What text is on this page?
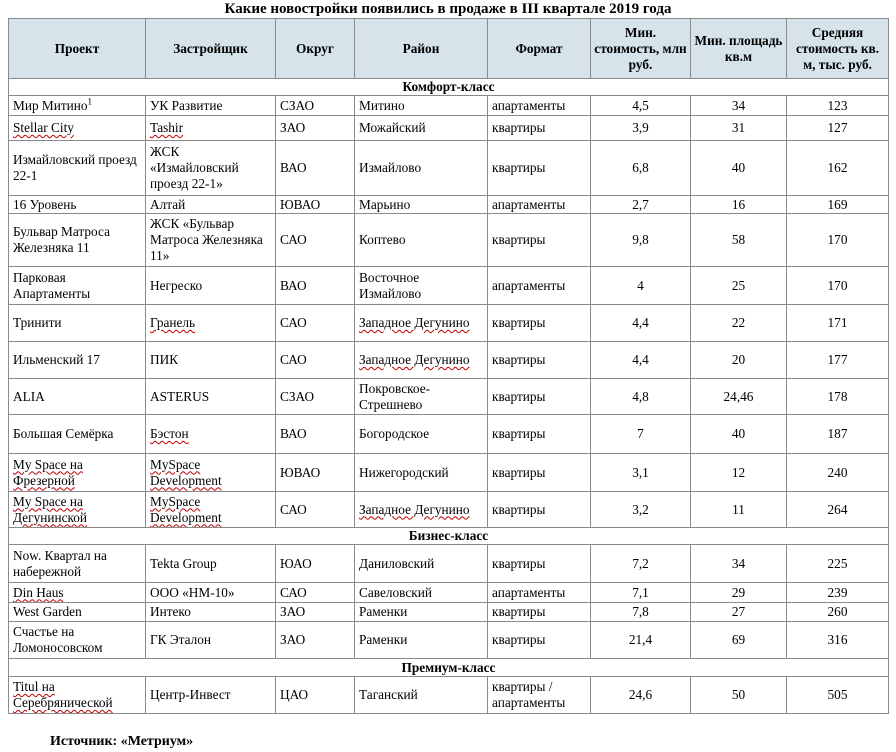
Какие новостройки появились в продаже в III квартале 2019 года
Проект	Застройщик	Округ	Район	Формат	Мин. стоимость, млн руб.	Мин. площадь кв.м	Средняя стоимость кв. м, тыс. руб.
Комфорт-класс							
Мир Митино$^1$	УК Развитие	СЗАО	Митино	апартаменты	4,5	34	123
Stellar City	Tashir	ЗАО	Можайский	квартиры	3,9	31	127
Измайловский проезд 22-1	ЖСК «Измайловский проезд 22-1»	ВАО	Измайлово	квартиры	6,8	40	162
16 Уровень	Алтай	ЮВАО	Марьино	апартаменты	2,7	16	169
Бульвар Матроса Железняка 11	ЖСК «Бульвар Матроса Железняка 11»	САО	Коптево	квартиры	9,8	58	170
Парковая Апартаменты	Негреско	ВАО	Восточное Измайлово	апартаменты	4	25	170
Тринити	Гранель	САО	Западное Дегунино	квартиры	4,4	22	171
Ильменский 17	ПИК	САО	Западное Дегунино	квартиры	4,4	20	177
ALIA	ASTERUS	СЗАО	Покровское-Стрешнево	квартиры	4,8	24,46	178
Большая Семёрка	Бэстон	ВАО	Богородское	квартиры	7	40	187
My Space на Фрезерной	MySpace Development	ЮВАО	Нижегородский	квартиры	3,1	12	240
My Space на Дегунинской	MySpace Development	САО	Западное Дегунино	квартиры	3,2	11	264
Бизнес-класс							
Now. Квартал на набережной	Tekta Group	ЮАО	Даниловский	квартиры	7,2	34	225
Din Haus	ООО «НМ-10»	САО	Савеловский	апартаменты	7,1	29	239
West Garden	Интеко	ЗАО	Раменки	квартиры	7,8	27	260
Счастье на Ломоносовском	ГК Эталон	ЗАО	Раменки	квартиры	21,4	69	316
Премиум-класс							
Titul на Серебрянической	Центр-Инвест	ЦАО	Таганский	квартиры / апартаменты	24,6	50	505
Источник: «Метриум»
